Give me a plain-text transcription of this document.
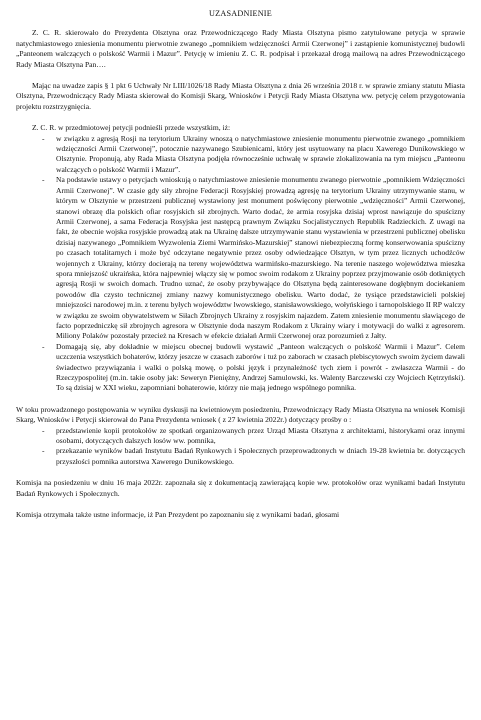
UZASADNIENIE

Z. C. R. skierowało do Prezydenta Olsztyna oraz Przewodniczącego Rady Miasta Olsztyna pismo zatytułowane petycja w sprawie natychmiastowego zniesienia monumentu pierwotnie zwanego „pomnikiem wdzięczności Armii Czerwonej” i zastąpienie komunistycznej budowli „Panteonem walczących o polskość Warmii i Mazur”. Petycję w imieniu Z. C. R. podpisał i przekazał drogą mailową na adres Przewodniczącego Rady Miasta Olsztyna Pan….

Mając na uwadze zapis § 1 pkt 6 Uchwały Nr LIII/1026/18 Rady Miasta Olsztyna z dnia 26 września 2018 r. w sprawie zmiany statutu Miasta Olsztyna, Przewodniczący Rady Miasta skierował do Komisji Skarg, Wniosków i Petycji Rady Miasta Olsztyna ww. petycję celem przygotowania projektu rozstrzygnięcia.

Z. C. R. w przedmiotowej petycji podnieśli przede wszystkim, iż:

- w związku z agresją Rosji na terytorium Ukrainy wnoszą o natychmiastowe zniesienie monumentu pierwotnie zwanego „pomnikiem wdzięczności Armii Czerwonej”, potocznie nazywanego Szubienicami, który jest usytuowany na placu Xawerego Dunikowskiego w Olsztynie. Proponują, aby Rada Miasta Olsztyna podjęła równocześnie uchwałę w sprawie zlokalizowania na tym miejscu „Panteonu walczących o polskość Warmii i Mazur”.
- Na podstawie ustawy o petycjach wnioskują o natychmiastowe zniesienie monumentu zwanego pierwotnie „pomnikiem Wdzięczności Armii Czerwonej”. W czasie gdy siły zbrojne Federacji Rosyjskiej prowadzą agresję na terytorium Ukrainy utrzymywanie stanu, w którym w Olsztynie w przestrzeni publicznej wystawiony jest monument poświęcony pierwotnie „wdzięczności” Armii Czerwonej, stanowi obrazę dla polskich ofiar rosyjskich sił zbrojnych. Warto dodać, że armia rosyjska dzisiaj wprost nawiązuje do spuścizny Armii Czerwonej, a sama Federacja Rosyjska jest następcą prawnym Związku Socjalistycznych Republik Radzieckich. Z uwagi na fakt, że obecnie wojska rosyjskie prowadzą atak na Ukrainę dalsze utrzymywanie stanu wystawienia w przestrzeni publicznej obelisku dzisiaj nazywanego „Pomnikiem Wyzwolenia Ziemi Warmińsko-Mazurskiej” stanowi niebezpieczną formę konserwowania spuścizny po czasach totalitarnych i może być odczytane negatywnie przez osoby odwiedzające Olsztyn, w tym przez licznych uchodźców wojennych z Ukrainy, którzy docierają na tereny województwa warmińsko-mazurskiego. Na terenie naszego województwa mieszka spora mniejszość ukraińska, która najpewniej włączy się w pomoc swoim rodakom z Ukrainy poprzez przyjmowanie osób dotkniętych agresją Rosji w swoich domach. Trudno uznać, że osoby przybywające do Olsztyna będą zainteresowane dogłębnym dociekaniem powodów dla czysto technicznej zmiany nazwy komunistycznego obelisku. Warto dodać, że tysiące przedstawicieli polskiej mniejszości narodowej m.in. z terenu byłych województw lwowskiego, stanisławowskiego, wołyńskiego i tarnopolskiego II RP walczy w związku ze swoim obywatelstwem w Siłach Zbrojnych Ukrainy z rosyjskim najazdem. Zatem zniesienie monumentu sławiącego de facto poprzedniczkę sił zbrojnych agresora w Olsztynie doda naszym Rodakom z Ukrainy wiary i motywacji do walki z agresorem. Miliony Polaków pozostały przecież na Kresach w efekcie działań Armii Czerwonej oraz porozumień z Jałty.
- Domagają się, aby dokładnie w miejscu obecnej budowli wystawić „Panteon walczących o polskość Warmii i Mazur”. Celem uczczenia wszystkich bohaterów, którzy jeszcze w czasach zaborów i tuż po zaborach w czasach plebiscytowych swoim życiem dawali świadectwo przywiązania i walki o polską mowę, o polski język i przynależność tych ziem i powrót - zwłaszcza Warmii - do Rzeczypospolitej (m.in. takie osoby jak: Seweryn Pieniężny, Andrzej Samulowski, ks. Walenty Barczewski czy Wojciech Kętrzyński). To są dzisiaj w XXI wieku, zapomniani bohaterowie, którzy nie mają jednego wspólnego pomnika.

W toku prowadzonego postępowania w wyniku dyskusji na kwietniowym posiedzeniu, Przewodniczący Rady Miasta Olsztyna na wniosek Komisji Skarg, Wniosków i Petycji skierował do Pana Prezydenta wniosek ( z 27 kwietnia 2022r.) dotyczący prośby o :

- przedstawienie kopii protokołów ze spotkań organizowanych przez Urząd Miasta Olsztyna z architektami, historykami oraz innymi osobami, dotyczących dalszych losów ww. pomnika,
- przekazanie wyników badań Instytutu Badań Rynkowych i Społecznych przeprowadzonych w dniach 19-28 kwietnia br. dotyczących przyszłości pomnika autorstwa Xawerego Dunikowskiego.

Komisja na posiedzeniu w dniu 16 maja 2022r. zapoznała się z dokumentacją zawierającą kopie ww. protokołów oraz wynikami badań Instytutu Badań Rynkowych i Społecznych.

Komisja otrzymała także ustne informacje, iż Pan Prezydent po zapoznaniu się z wynikami badań, głosami
